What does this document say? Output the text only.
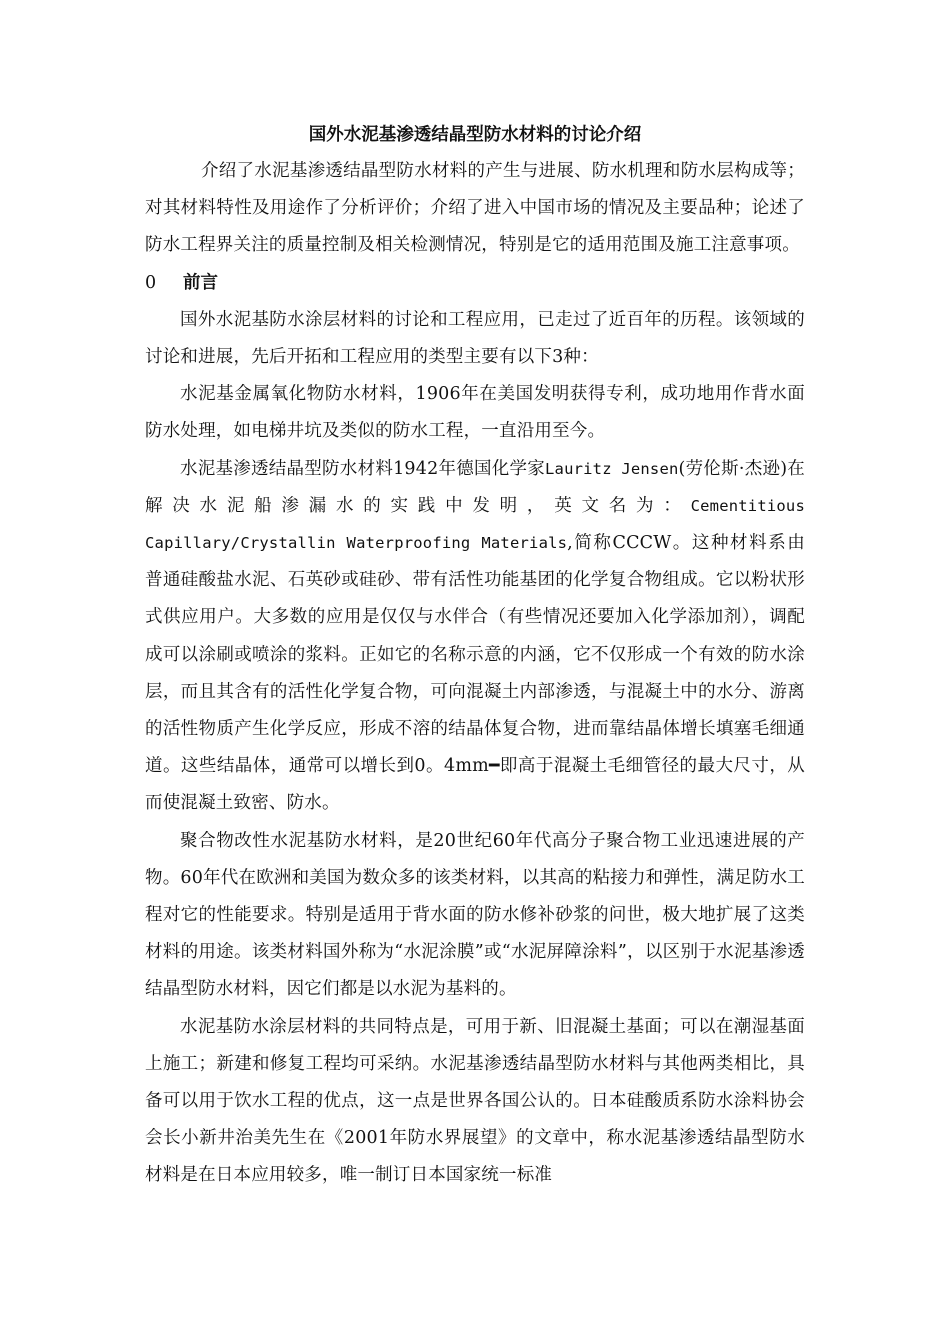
国外水泥基渗透结晶型防水材料的讨论介绍

介绍了水泥基渗透结晶型防水材料的产生与进展、防水机理和防水层构成等；对其材料特性及用途作了分析评价；介绍了进入中国市场的情况及主要品种；论述了防水工程界关注的质量控制及相关检测情况，特别是它的适用范围及施工注意事项。

0 前言

国外水泥基防水涂层材料的讨论和工程应用，已走过了近百年的历程。该领域的讨论和进展，先后开拓和工程应用的类型主要有以下3种：

水泥基金属氧化物防水材料，1906年在美国发明获得专利，成功地用作背水面防水处理，如电梯井坑及类似的防水工程，一直沿用至今。

水泥基渗透结晶型防水材料1942年德国化学家Lauritz Jensen(劳伦斯·杰逊)在解决水泥船渗漏水的实践中发明，英文名为：Cementitious Capillary/Crystallin Waterproofing Materials,简称CCCW。这种材料系由普通硅酸盐水泥、石英砂或硅砂、带有活性功能基团的化学复合物组成。它以粉状形式供应用户。大多数的应用是仅仅与水伴合（有些情况还要加入化学添加剂），调配成可以涂刷或喷涂的浆料。正如它的名称示意的内涵，它不仅形成一个有效的防水涂层，而且其含有的活性化学复合物，可向混凝土内部渗透，与混凝土中的水分、游离的活性物质产生化学反应，形成不溶的结晶体复合物，进而靠结晶体增长填塞毛细通道。这些结晶体，通常可以增长到0。4mm━即高于混凝土毛细管径的最大尺寸，从而使混凝土致密、防水。

聚合物改性水泥基防水材料，是20世纪60年代高分子聚合物工业迅速进展的产物。60年代在欧洲和美国为数众多的该类材料，以其高的粘接力和弹性，满足防水工程对它的性能要求。特别是适用于背水面的防水修补砂浆的问世，极大地扩展了这类材料的用途。该类材料国外称为“水泥涂膜”或“水泥屏障涂料”，以区别于水泥基渗透结晶型防水材料，因它们都是以水泥为基料的。

水泥基防水涂层材料的共同特点是，可用于新、旧混凝土基面；可以在潮湿基面上施工；新建和修复工程均可采纳。水泥基渗透结晶型防水材料与其他两类相比，具备可以用于饮水工程的优点，这一点是世界各国公认的。日本硅酸质系防水涂料协会会长小新井治美先生在《2001年防水界展望》的文章中，称水泥基渗透结晶型防水材料是在日本应用较多，唯一制订日本国家统一标准
